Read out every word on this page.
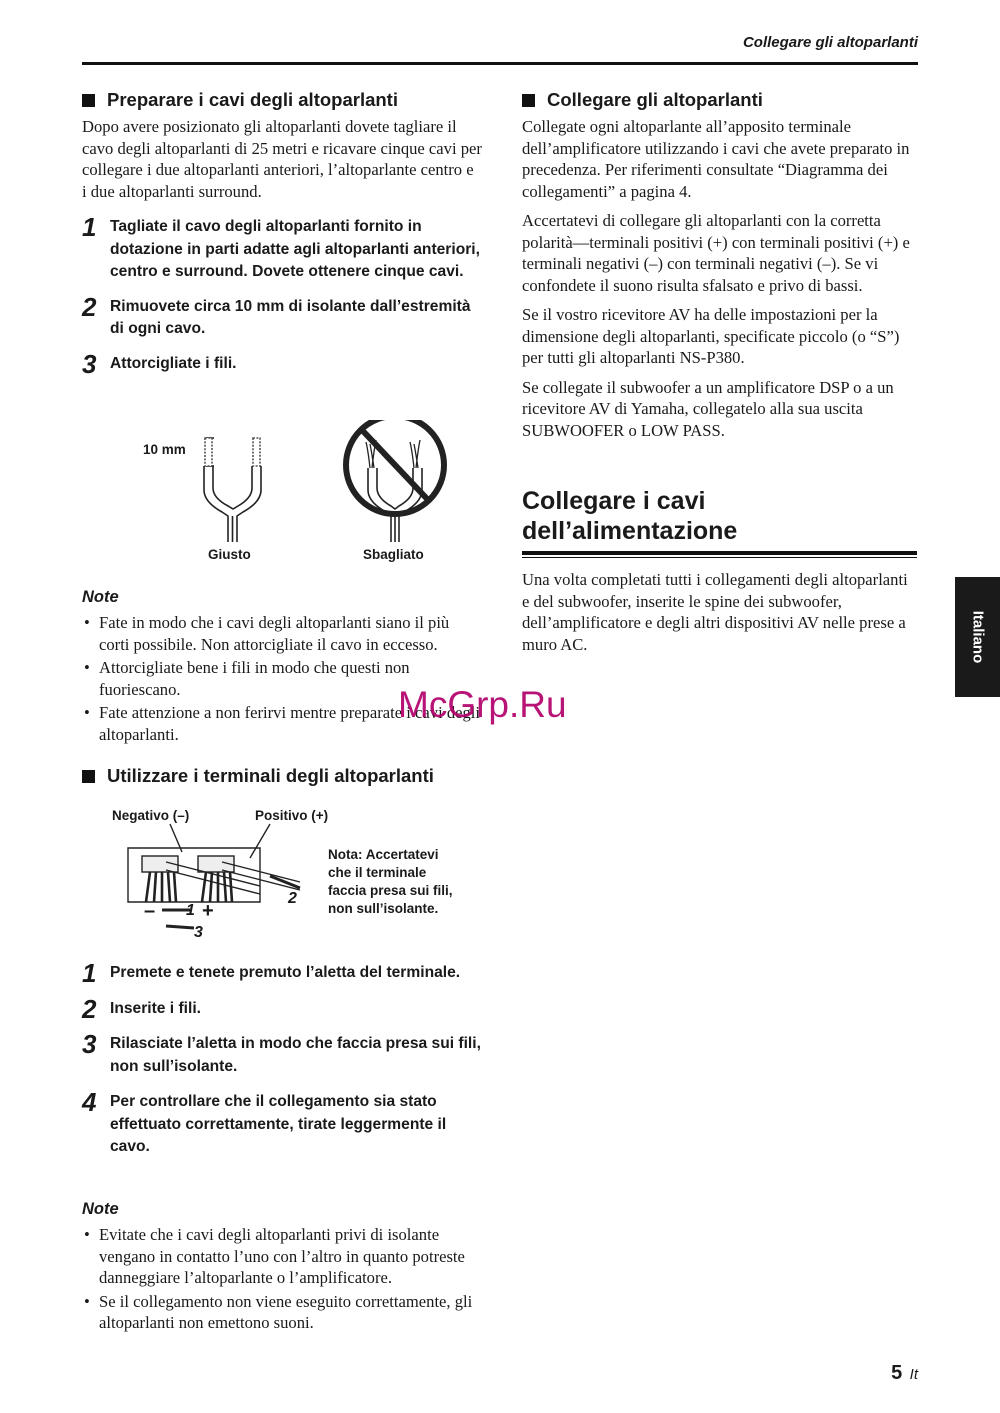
Collegare gli altoparlanti
Preparare i cavi degli altoparlanti

Dopo avere posizionato gli altoparlanti dovete tagliare il cavo degli altoparlanti di 25 metri e ricavare cinque cavi per collegare i due altoparlanti anteriori, l’altoparlante centro e i due altoparlanti surround.

1 Tagliate il cavo degli altoparlanti fornito in dotazione in parti adatte agli altoparlanti anteriori, centro e surround. Dovete ottenere cinque cavi.
2 Rimuovete circa 10 mm di isolante dall’estremità di ogni cavo.
3 Attorcigliate i fili.
10 mm
Giusto	Sbagliato
Note
• Fate in modo che i cavi degli altoparlanti siano il più corti possibile. Non attorcigliate il cavo in eccesso.
• Attorcigliate bene i fili in modo che questi non fuoriescano.
• Fate attenzione a non ferirvi mentre preparate i cavi degli altoparlanti.
Utilizzare i terminali degli altoparlanti
Negativo (–)	Positivo (+)
– +
1
2
3
Nota: Accertatevi
che il terminale
faccia presa sui fili,
non sull’isolante.
1 Premete e tenete premuto l’aletta del terminale.
2 Inserite i fili.
3 Rilasciate l’aletta in modo che faccia presa sui fili, non sull’isolante.
4 Per controllare che il collegamento sia stato effettuato correttamente, tirate leggermente il cavo.
Note
• Evitate che i cavi degli altoparlanti privi di isolante vengano in contatto l’uno con l’altro in quanto potreste danneggiare l’altoparlante o l’amplificatore.
• Se il collegamento non viene eseguito correttamente, gli altoparlanti non emettono suoni.
Collegare gli altoparlanti

Collegate ogni altoparlante all’apposito terminale dell’amplificatore utilizzando i cavi che avete preparato in precedenza. Per riferimenti consultate “Diagramma dei collegamenti” a pagina 4.

Accertatevi di collegare gli altoparlanti con la corretta polarità—terminali positivi (+) con terminali positivi (+) e terminali negativi (–) con terminali negativi (–). Se vi confondete il suono risulta sfalsato e privo di bassi.

Se il vostro ricevitore AV ha delle impostazioni per la dimensione degli altoparlanti, specificate piccolo (o “S”) per tutti gli altoparlanti NS-P380.

Se collegate il subwoofer a un amplificatore DSP o a un ricevitore AV di Yamaha, collegatelo alla sua uscita SUBWOOFER o LOW PASS.

Collegare i cavi
dell’alimentazione

Una volta completati tutti i collegamenti degli altoparlanti e del subwoofer, inserite le spine dei subwoofer, dell’amplificatore e degli altri dispositivi AV nelle prese a muro AC.	Italiano
McGrp.Ru
5 It
